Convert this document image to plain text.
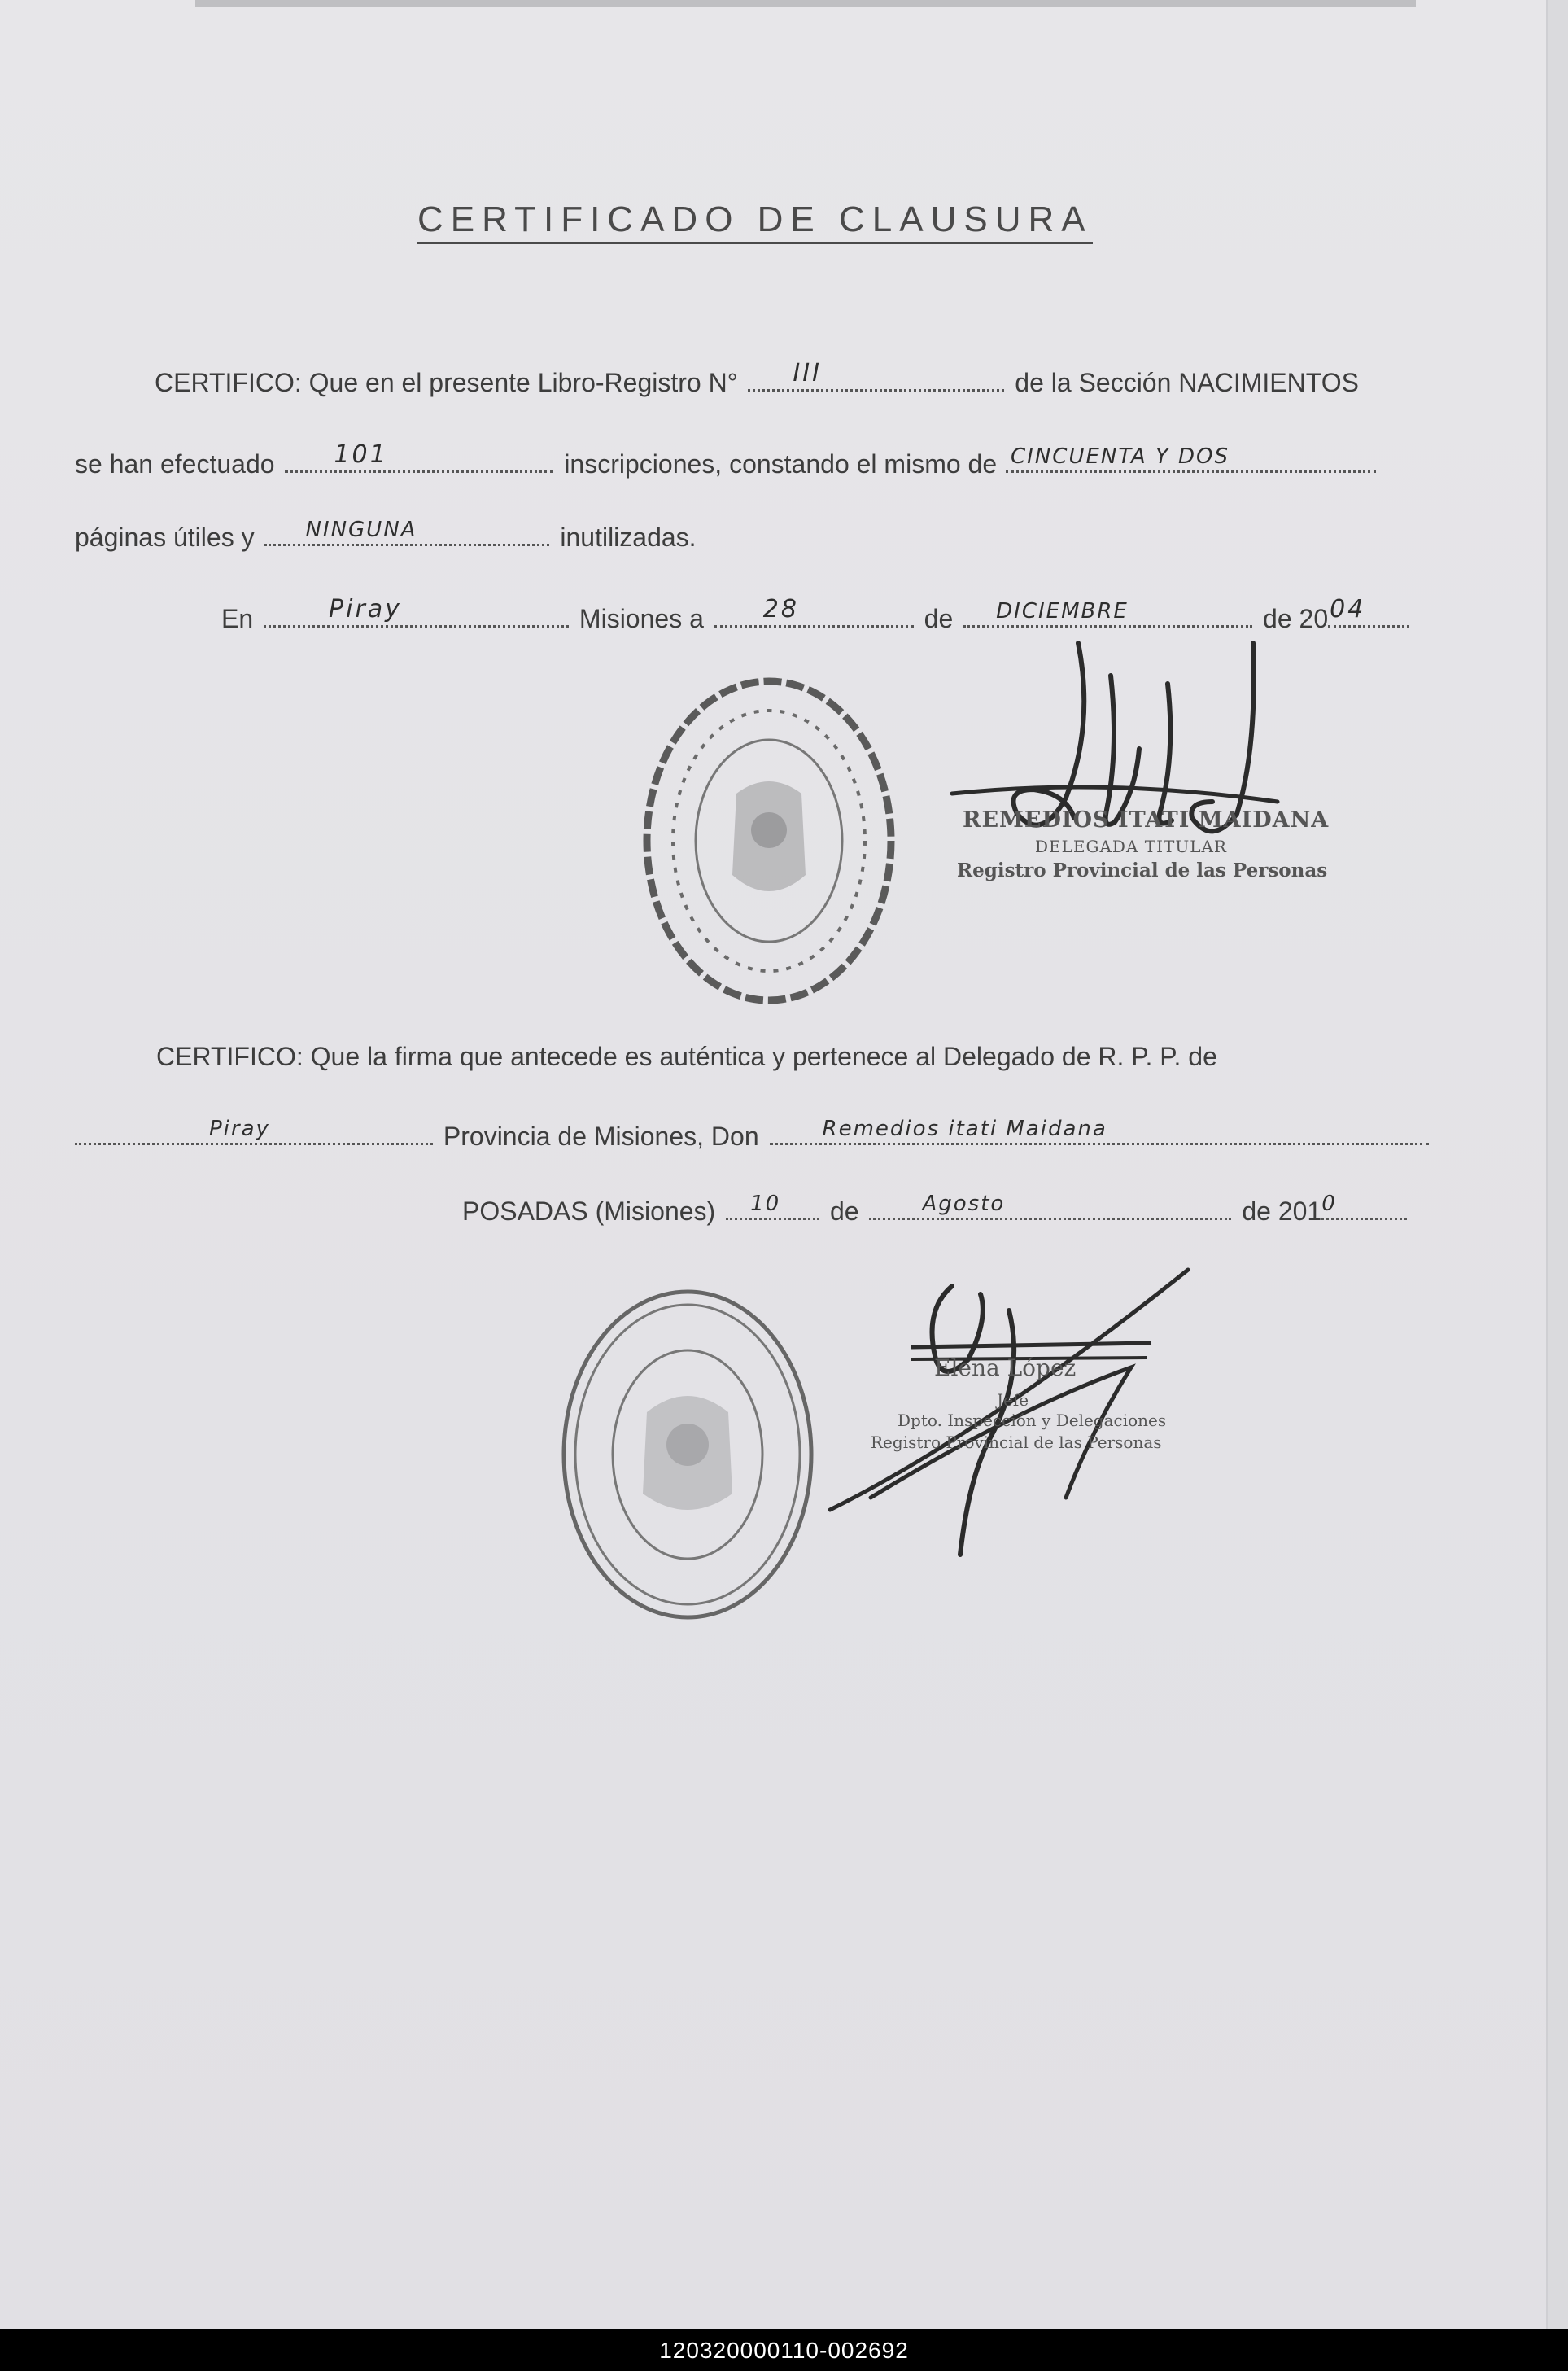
CERTIFICADO DE CLAUSURA
CERTIFICO: Que en el presente Libro-Registro N°	III	de la Sección NACIMIENTOS
se han efectuado	101	inscripciones, constando el mismo de CINCUENTA Y DOS
páginas útiles y	NINGUNA	inutilizadas.
En	Piray	Misiones a	28	de	DICIEMBRE	de 20 04
REMEDIOS ITATI MAIDANA
DELEGADA TITULAR
Registro Provincial de las Personas
CERTIFICO: Que la firma que antecede es auténtica y pertenece al Delegado de R. P. P. de
Piray	Provincia de Misiones, Don	Remedios itati Maidana
POSADAS (Misiones)	10	de	Agosto	de 201 0
Elena López
Jefe
Dpto. Inspección y Delegaciones
Registro Provincial de las Personas
120320000110-002692
